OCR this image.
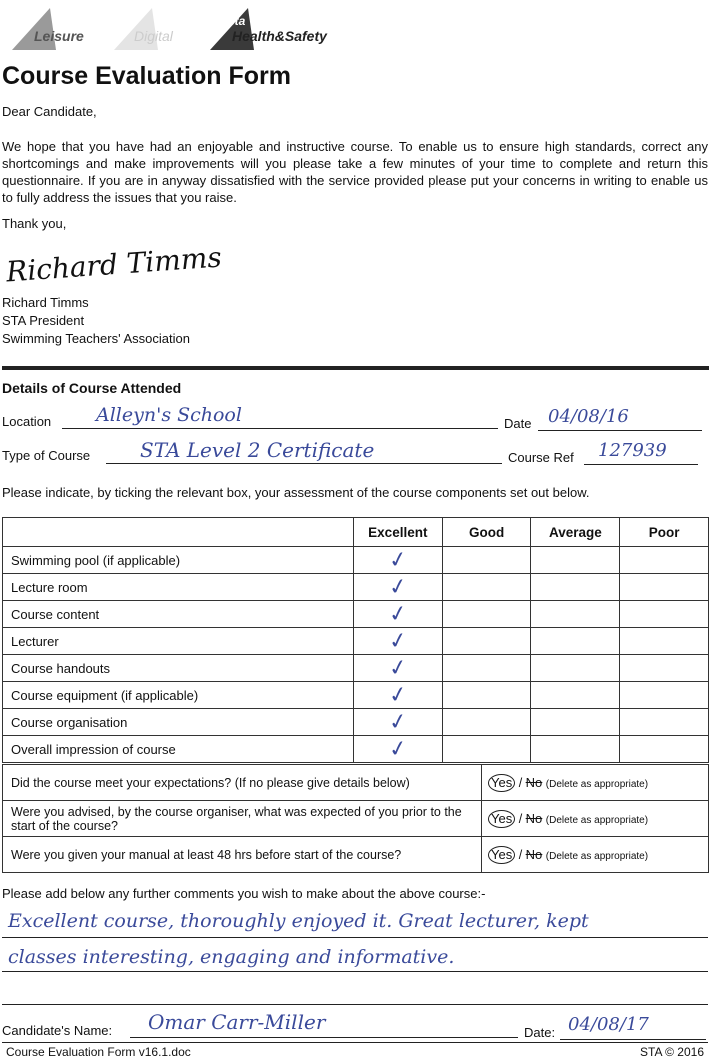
Leisure	Digital
sta
Health&Safety
Course Evaluation Form
Dear Candidate,
We hope that you have had an enjoyable and instructive course. To enable us to ensure high standards, correct any shortcomings and make improvements will you please take a few minutes of your time to complete and return this questionnaire. If you are in anyway dissatisfied with the service provided please put your concerns in writing to enable us to fully address the issues that you raise.
Thank you,
Richard Timms
Richard Timms
STA President
Swimming Teachers' Association
Details of Course Attended
Location Alleyn's School	Date 04/08/16
Type of Course STA Level 2 Certificate	Course Ref 127939
Please indicate, by ticking the relevant box, your assessment of the course components set out below.
	Excellent	Good	Average	Poor
Swimming pool (if applicable)	✓			
Lecture room	✓			
Course content	✓			
Lecturer	✓			
Course handouts	✓			
Course equipment (if applicable)	✓			
Course organisation	✓			
Overall impression of course	✓			
Did the course meet your expectations? (If no please give details below)	Yes / No (Delete as appropriate)
Were you advised, by the course organiser, what was expected of you prior to the start of the course?	Yes / No (Delete as appropriate)
Were you given your manual at least 48 hrs before start of the course?	Yes / No (Delete as appropriate)
Please add below any further comments you wish to make about the above course:-
Excellent course, thoroughly enjoyed it. Great lecturer, kept
classes interesting, engaging and informative.
Candidate's Name: Omar Carr-Miller	Date: 04/08/17
Course Evaluation Form v16.1.doc	STA © 2016
